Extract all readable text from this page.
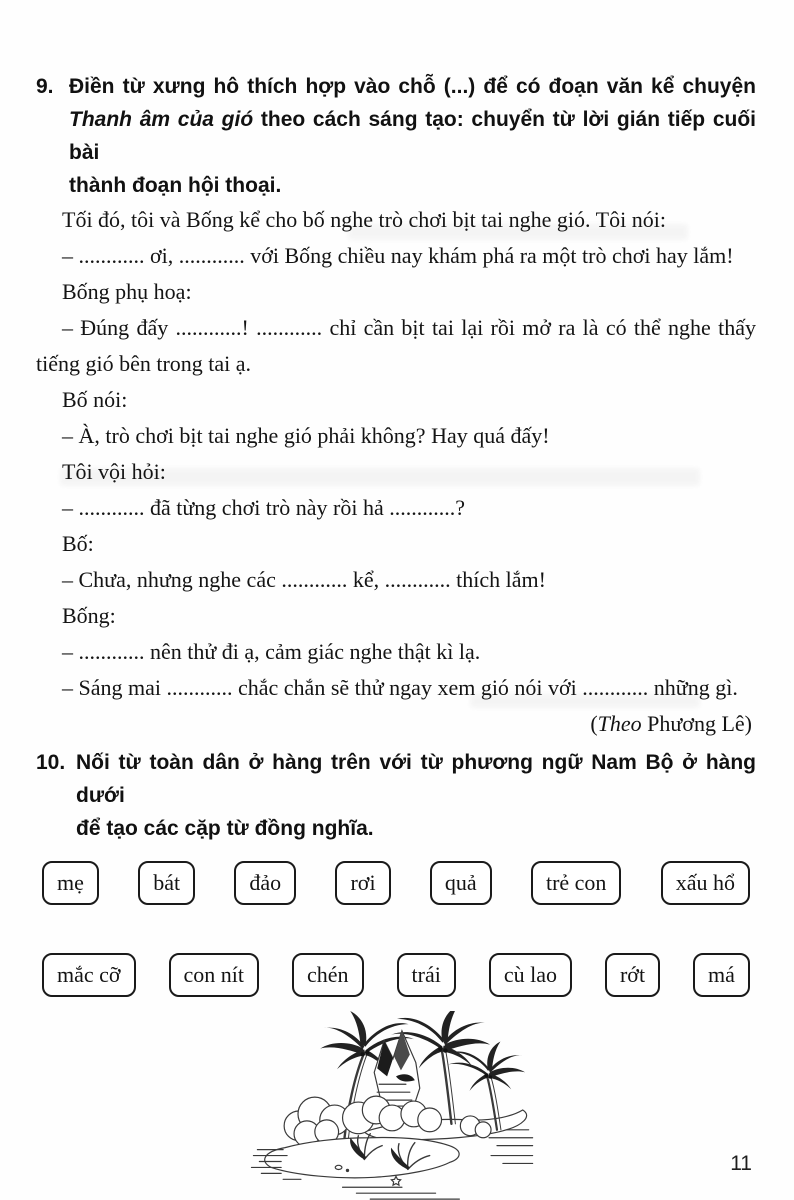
9. Điền từ xưng hô thích hợp vào chỗ (...) để có đoạn văn kể chuyện
Thanh âm của gió theo cách sáng tạo: chuyển từ lời gián tiếp cuối bài
thành đoạn hội thoại.

Tối đó, tôi và Bống kể cho bố nghe trò chơi bịt tai nghe gió. Tôi nói:

– ............ ơi, ............ với Bống chiều nay khám phá ra một trò chơi hay lắm!

Bống phụ hoạ:

– Đúng đấy ............! ............ chỉ cần bịt tai lại rồi mở ra là có thể nghe thấy

tiếng gió bên trong tai ạ.

Bố nói:

– À, trò chơi bịt tai nghe gió phải không? Hay quá đấy!

Tôi vội hỏi:

– ............ đã từng chơi trò này rồi hả ............?

Bố:

– Chưa, nhưng nghe các ............ kể, ............ thích lắm!

Bống:

– ............ nên thử đi ạ, cảm giác nghe thật kì lạ.

– Sáng mai ............ chắc chắn sẽ thử ngay xem gió nói với ............ những gì.

(Theo Phương Lê)

10. Nối từ toàn dân ở hàng trên với từ phương ngữ Nam Bộ ở hàng dưới
để tạo các cặp từ đồng nghĩa.
mẹ	bát	đảo	rơi	quả	trẻ con	xấu hổ
mắc cỡ	con nít	chén	trái	cù lao	rớt	má
11
